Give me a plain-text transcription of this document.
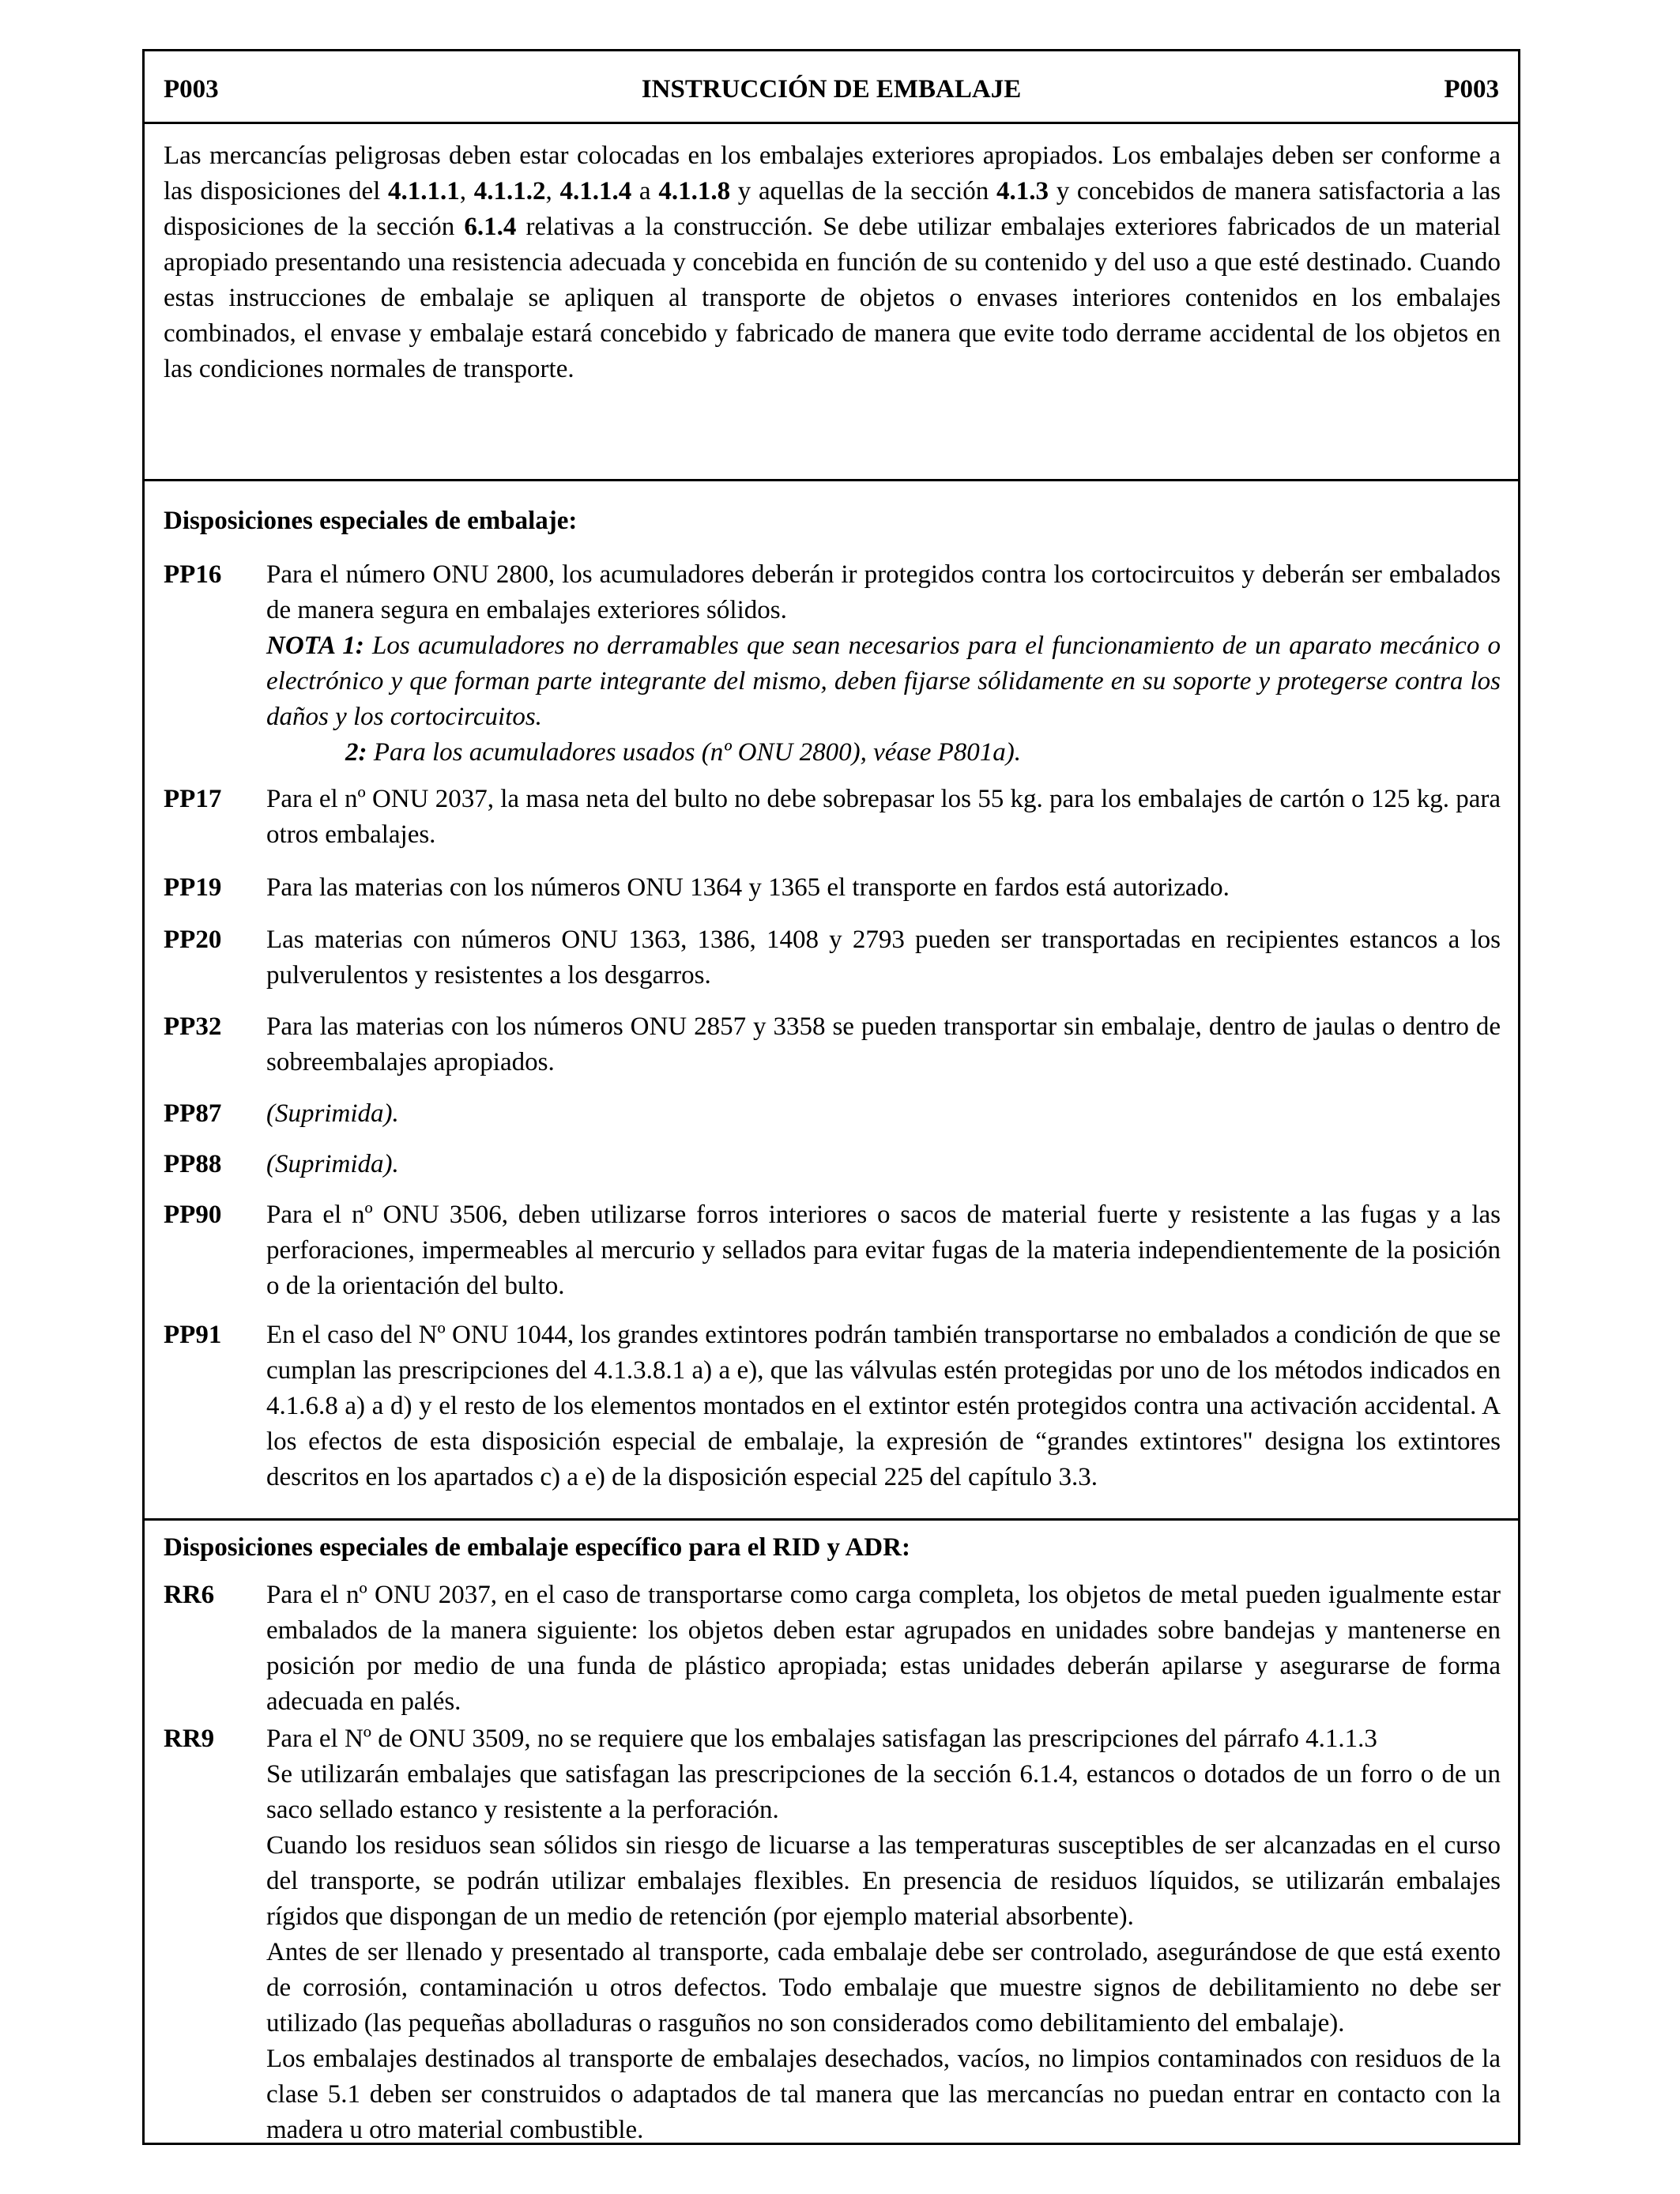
P003	INSTRUCCIÓN DE EMBALAJE	P003
Las mercancías peligrosas deben estar colocadas en los embalajes exteriores apropiados. Los embalajes deben ser conforme a las disposiciones del 4.1.1.1, 4.1.1.2, 4.1.1.4 a 4.1.1.8 y aquellas de la sección 4.1.3 y concebidos de manera satisfactoria a las disposiciones de la sección 6.1.4 relativas a la construcción. Se debe utilizar embalajes exteriores fabricados de un material apropiado presentando una resistencia adecuada y concebida en función de su contenido y del uso a que esté destinado. Cuando estas instrucciones de embalaje se apliquen al transporte de objetos o envases interiores contenidos en los embalajes combinados, el envase y embalaje estará concebido y fabricado de manera que evite todo derrame accidental de los objetos en las condiciones normales de transporte.
Disposiciones especiales de embalaje:
PP16	Para el número ONU 2800, los acumuladores deberán ir protegidos contra los cortocircuitos y deberán ser embalados de manera segura en embalajes exteriores sólidos.
NOTA 1: Los acumuladores no derramables que sean necesarios para el funcionamiento de un aparato mecánico o electrónico y que forman parte integrante del mismo, deben fijarse sólidamente en su soporte y protegerse contra los daños y los cortocircuitos.
2: Para los acumuladores usados (nº ONU 2800), véase P801a).
PP17	Para el nº ONU 2037, la masa neta del bulto no debe sobrepasar los 55 kg. para los embalajes de cartón o 125 kg. para otros embalajes.
PP19	Para las materias con los números ONU 1364 y 1365 el transporte en fardos está autorizado.
PP20	Las materias con números ONU 1363, 1386, 1408 y 2793 pueden ser transportadas en recipientes estancos a los pulverulentos y resistentes a los desgarros.
PP32	Para las materias con los números ONU 2857 y 3358 se pueden transportar sin embalaje, dentro de jaulas o dentro de sobreembalajes apropiados.
PP87	(Suprimida).
PP88	(Suprimida).
PP90	Para el nº ONU 3506, deben utilizarse forros interiores o sacos de material fuerte y resistente a las fugas y a las perforaciones, impermeables al mercurio y sellados para evitar fugas de la materia independientemente de la posición o de la orientación del bulto.
PP91	En el caso del Nº ONU 1044, los grandes extintores podrán también transportarse no embalados a condición de que se cumplan las prescripciones del 4.1.3.8.1 a) a e), que las válvulas estén protegidas por uno de los métodos indicados en 4.1.6.8 a) a d) y el resto de los elementos montados en el extintor estén protegidos contra una activación accidental. A los efectos de esta disposición especial de embalaje, la expresión de “grandes extintores" designa los extintores descritos en los apartados c) a e) de la disposición especial 225 del capítulo 3.3.
Disposiciones especiales de embalaje específico para el RID y ADR:
RR6	Para el nº ONU 2037, en el caso de transportarse como carga completa, los objetos de metal pueden igualmente estar embalados de la manera siguiente: los objetos deben estar agrupados en unidades sobre bandejas y mantenerse en posición por medio de una funda de plástico apropiada; estas unidades deberán apilarse y asegurarse de forma adecuada en palés.
RR9	Para el Nº de ONU 3509, no se requiere que los embalajes satisfagan las prescripciones del párrafo 4.1.1.3
Se utilizarán embalajes que satisfagan las prescripciones de la sección 6.1.4, estancos o dotados de un forro o de un saco sellado estanco y resistente a la perforación.
Cuando los residuos sean sólidos sin riesgo de licuarse a las temperaturas susceptibles de ser alcanzadas en el curso del transporte, se podrán utilizar embalajes flexibles. En presencia de residuos líquidos, se utilizarán embalajes rígidos que dispongan de un medio de retención (por ejemplo material absorbente).
Antes de ser llenado y presentado al transporte, cada embalaje debe ser controlado, asegurándose de que está exento de corrosión, contaminación u otros defectos. Todo embalaje que muestre signos de debilitamiento no debe ser utilizado (las pequeñas abolladuras o rasguños no son considerados como debilitamiento del embalaje).
Los embalajes destinados al transporte de embalajes desechados, vacíos, no limpios contaminados con residuos de la clase 5.1 deben ser construidos o adaptados de tal manera que las mercancías no puedan entrar en contacto con la madera u otro material combustible.
